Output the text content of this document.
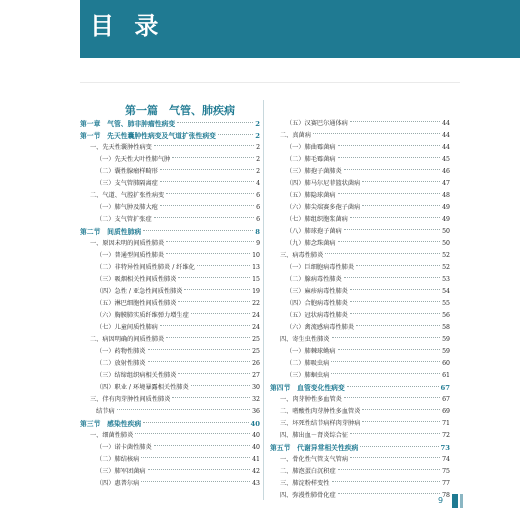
目 录
第一篇　气管、肺疾病
第一章　气管、肺非肿瘤性病变	2
第一节　先天性囊肿性病变及气道扩张性病变	2
一、先天性囊肿性病变	2
（一）先天性大叶性肺气肿	2
（二）囊性腺瘤样畸形	2
（三）支气管肺隔离症	4
二、气道、气腔扩张性病变	6
（一）肺气肿及肺大疱	6
（二）支气管扩张症	6
第二节　间质性肺病	8
一、原因未明的间质性肺炎	9
（一）普通型间质性肺炎	10
（二）非特异性间质性肺炎 / 纤维化	13
（三）吸烟相关性间质性肺炎	15
（四）急性 / 亚急性间质性肺炎	19
（五）淋巴细胞性间质性肺炎	22
（六）胸膜肺实质纤维弹力增生症	24
（七）儿童间质性肺病	24
二、病因明确的间质性肺炎	25
（一）药物性肺炎	25
（二）放射性肺炎	26
（三）结缔组织病相关性肺炎	27
（四）职业 / 环境暴露相关性肺炎	30
三、伴有肉芽肿性间质性肺炎	32
结节病	36
第三节　感染性疾病	40
一、细菌性肺炎	40
（一）诺卡菌性肺炎	40
（二）肺结核病	41
（三）肺军团菌病	42
（四）惠普尔病	43
（五）汉赛巴尔通体病	44
二、真菌病	44
（一）肺曲霉菌病	44
（二）肺毛霉菌病	45
（三）肺孢子菌肺炎	46
（四）肺马尔尼菲篮状菌病	47
（五）肺隐球菌病	48
（六）肺尖端赛多孢子菌病	49
（七）肺组织胞浆菌病	49
（八）肺球孢子菌病	50
（九）肺念珠菌病	50
三、病毒性肺炎	52
（一）巨细胞病毒性肺炎	52
（二）腺病毒性肺炎	53
（三）麻疹病毒性肺炎	54
（四）合胞病毒性肺炎	55
（五）冠状病毒性肺炎	56
（六）禽流感病毒性肺炎	58
四、寄生虫性肺炎	59
（一）肺棘球蚴病	59
（二）肺吸虫病	60
（三）肺蛔虫病	61
第四节　血管变化性病变	67
一、肉芽肿性多血管炎	67
二、嗜酸性肉芽肿性多血管炎	69
三、坏死性结节病样肉芽肿病	71
四、肺出血－肾炎综合征	72
第五节　代谢异常相关性疾病	73
一、骨化性气管支气管病	74
二、肺泡蛋白沉积症	75
三、肺淀粉样变性	77
四、弥漫性肺骨化症	78
9
